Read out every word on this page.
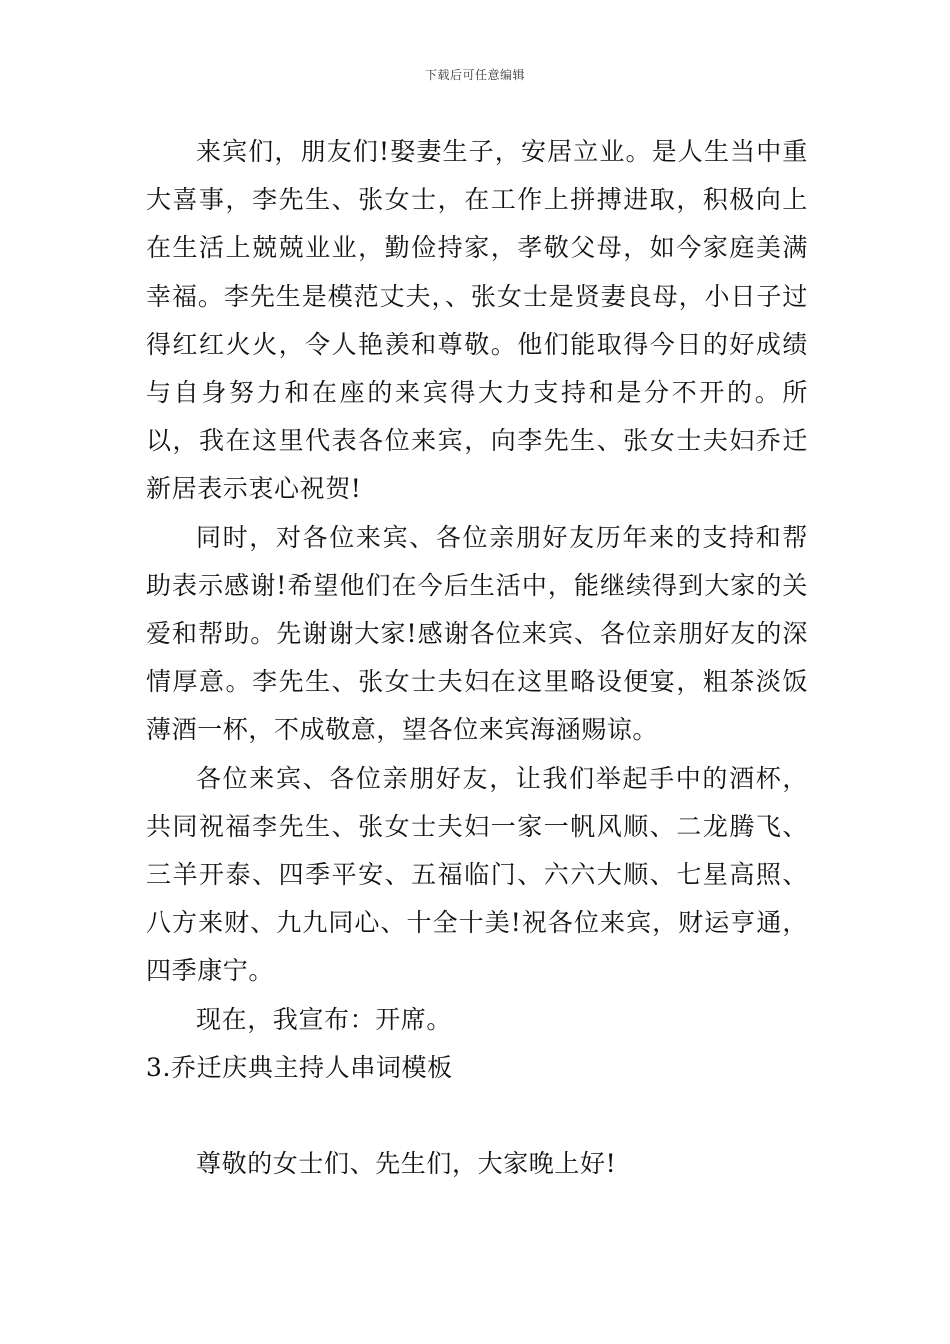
下载后可任意编辑

来宾们，朋友们!娶妻生子，安居立业。是人生当中重大喜事，李先生、张女士，在工作上拼搏进取，积极向上在生活上兢兢业业，勤俭持家，孝敬父母，如今家庭美满幸福。李先生是模范丈夫，、张女士是贤妻良母，小日子过得红红火火，令人艳羡和尊敬。他们能取得今日的好成绩与自身努力和在座的来宾得大力支持和是分不开的。所以，我在这里代表各位来宾，向李先生、张女士夫妇乔迁新居表示衷心祝贺!

同时，对各位来宾、各位亲朋好友历年来的支持和帮助表示感谢!希望他们在今后生活中，能继续得到大家的关爱和帮助。先谢谢大家!感谢各位来宾、各位亲朋好友的深情厚意。李先生、张女士夫妇在这里略设便宴，粗茶淡饭薄酒一杯，不成敬意，望各位来宾海涵赐谅。

各位来宾、各位亲朋好友，让我们举起手中的酒杯，共同祝福李先生、张女士夫妇一家一帆风顺、二龙腾飞、三羊开泰、四季平安、五福临门、六六大顺、七星高照、八方来财、九九同心、十全十美!祝各位来宾，财运亨通，四季康宁。

现在，我宣布：开席。

3.乔迁庆典主持人串词模板

尊敬的女士们、先生们，大家晚上好!
